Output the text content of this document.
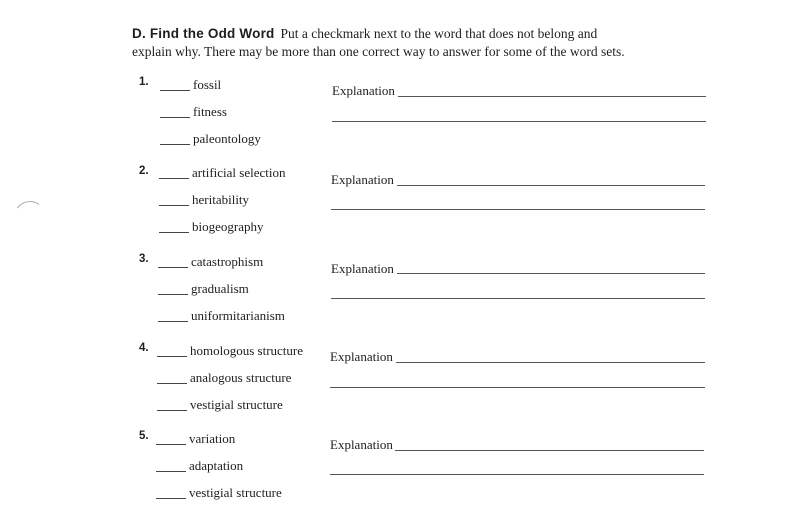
D. Find the Odd Word Put a checkmark next to the word that does not belong and
explain why. There may be more than one correct way to answer for some of the word sets.
1.	fossil
fitness
paleontology
Explanation
2.	artificial selection
heritability
biogeography
Explanation
3.	catastrophism
gradualism
uniformitarianism
Explanation
4.	homologous structure
analogous structure
vestigial structure
Explanation
5.	variation
adaptation
vestigial structure
Explanation
